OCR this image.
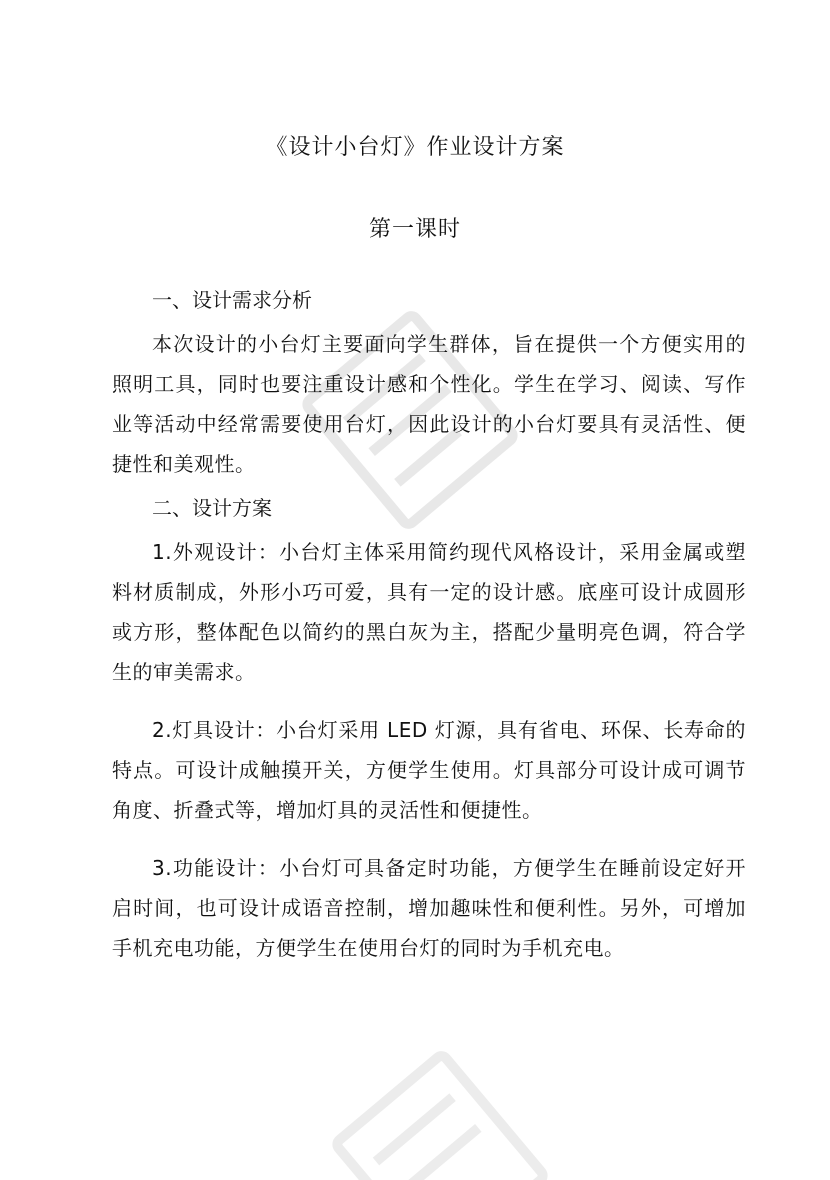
《设计小台灯》作业设计方案
第一课时

一、设计需求分析

本次设计的小台灯主要面向学生群体，旨在提供一个方便实用的照明工具，同时也要注重设计感和个性化。学生在学习、阅读、写作业等活动中经常需要使用台灯，因此设计的小台灯要具有灵活性、便捷性和美观性。

二、设计方案

1.外观设计：小台灯主体采用简约现代风格设计，采用金属或塑料材质制成，外形小巧可爱，具有一定的设计感。底座可设计成圆形或方形，整体配色以简约的黑白灰为主，搭配少量明亮色调，符合学生的审美需求。

2.灯具设计：小台灯采用 LED 灯源，具有省电、环保、长寿命的特点。可设计成触摸开关，方便学生使用。灯具部分可设计成可调节角度、折叠式等，增加灯具的灵活性和便捷性。

3.功能设计：小台灯可具备定时功能，方便学生在睡前设定好开启时间，也可设计成语音控制，增加趣味性和便利性。另外，可增加手机充电功能，方便学生在使用台灯的同时为手机充电。
